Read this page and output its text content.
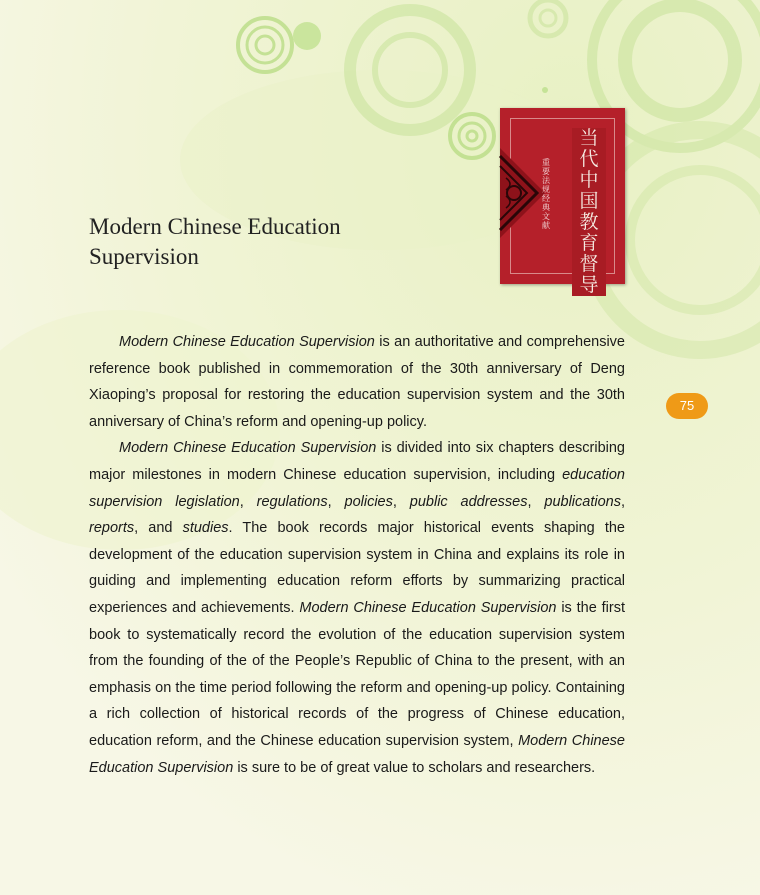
Modern Chinese Education
Supervision
当代中国教育督导
重要法规 经典文献
75

Modern Chinese Education Supervision is an authoritative and comprehensive reference book published in commemoration of the 30th anniversary of Deng Xiaoping’s proposal for restoring the education supervision system and the 30th anniversary of China’s reform and opening-up policy.

Modern Chinese Education Supervision is divided into six chapters describing major milestones in modern Chinese education supervision, including education supervision legislation, regulations, policies, public addresses, publications, reports, and studies. The book records major historical events shaping the development of the education supervision system in China and explains its role in guiding and implementing education reform efforts by summarizing practical experiences and achievements. Modern Chinese Education Supervision is the first book to systematically record the evolution of the education supervision system from the founding of the of the People’s Republic of China to the present, with an emphasis on the time period following the reform and opening-up policy. Containing a rich collection of historical records of the progress of Chinese education, education reform, and the Chinese education supervision system, Modern Chinese Education Supervision is sure to be of great value to scholars and researchers.
